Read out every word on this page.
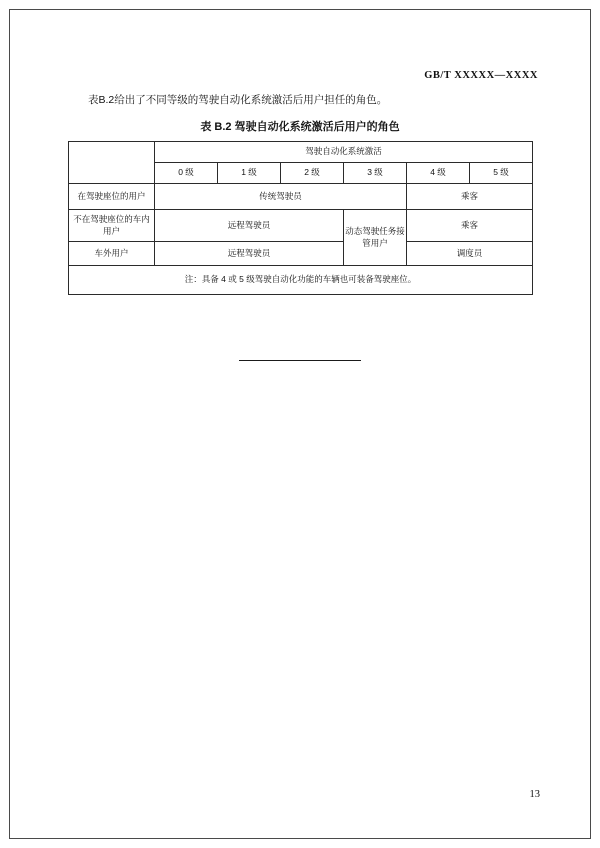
GB/T XXXXX—XXXX
表B.2给出了不同等级的驾驶自动化系统激活后用户担任的角色。
表 B.2 驾驶自动化系统激活后用户的角色
	驾驶自动化系统激活					
	0 级	1 级	2 级	3 级	4 级	5 级
在驾驶座位的用户	传统驾驶员				乘客	
不在驾驶座位的车内用户	远程驾驶员			动态驾驶任务接管用户	乘客	
车外用户	远程驾驶员				调度员	
注：具备 4 或 5 级驾驶自动化功能的车辆也可装备驾驶座位。						
13
